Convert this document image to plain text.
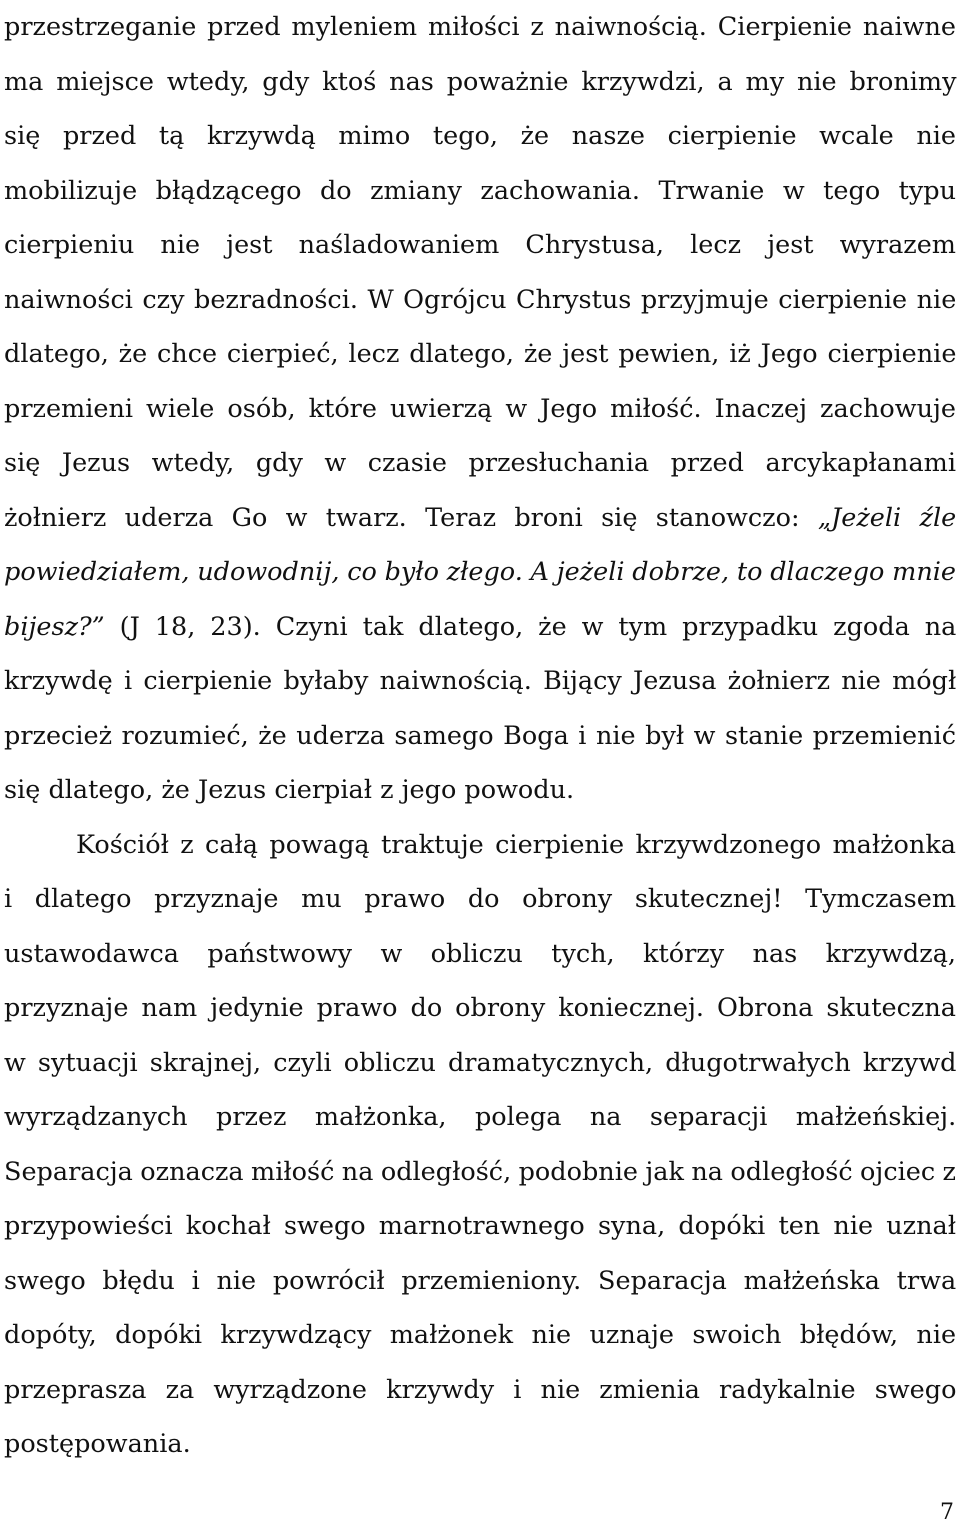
przestrzeganie przed myleniem miłości z naiwnością. Cierpienie naiwne
ma miejsce wtedy, gdy ktoś nas poważnie krzywdzi, a my nie bronimy
się przed tą krzywdą mimo tego, że nasze cierpienie wcale nie
mobilizuje błądzącego do zmiany zachowania. Trwanie w tego typu
cierpieniu nie jest naśladowaniem Chrystusa, lecz jest wyrazem
naiwności czy bezradności. W Ogrójcu Chrystus przyjmuje cierpienie nie
dlatego, że chce cierpieć, lecz dlatego, że jest pewien, iż Jego cierpienie
przemieni wiele osób, które uwierzą w Jego miłość. Inaczej zachowuje
się Jezus wtedy, gdy w czasie przesłuchania przed arcykapłanami
żołnierz uderza Go w twarz. Teraz broni się stanowczo: „Jeżeli źle
powiedziałem, udowodnij, co było złego. A jeżeli dobrze, to dlaczego mnie
bijesz?” (J 18, 23). Czyni tak dlatego, że w tym przypadku zgoda na
krzywdę i cierpienie byłaby naiwnością. Bijący Jezusa żołnierz nie mógł
przecież rozumieć, że uderza samego Boga i nie był w stanie przemienić
się dlatego, że Jezus cierpiał z jego powodu.
Kościół z całą powagą traktuje cierpienie krzywdzonego małżonka
i dlatego przyznaje mu prawo do obrony skutecznej! Tymczasem
ustawodawca państwowy w obliczu tych, którzy nas krzywdzą,
przyznaje nam jedynie prawo do obrony koniecznej. Obrona skuteczna
w sytuacji skrajnej, czyli obliczu dramatycznych, długotrwałych krzywd
wyrządzanych przez małżonka, polega na separacji małżeńskiej.
Separacja oznacza miłość na odległość, podobnie jak na odległość ojciec z
przypowieści kochał swego marnotrawnego syna, dopóki ten nie uznał
swego błędu i nie powrócił przemieniony. Separacja małżeńska trwa
dopóty, dopóki krzywdzący małżonek nie uznaje swoich błędów, nie
przeprasza za wyrządzone krzywdy i nie zmienia radykalnie swego
postępowania.
7
